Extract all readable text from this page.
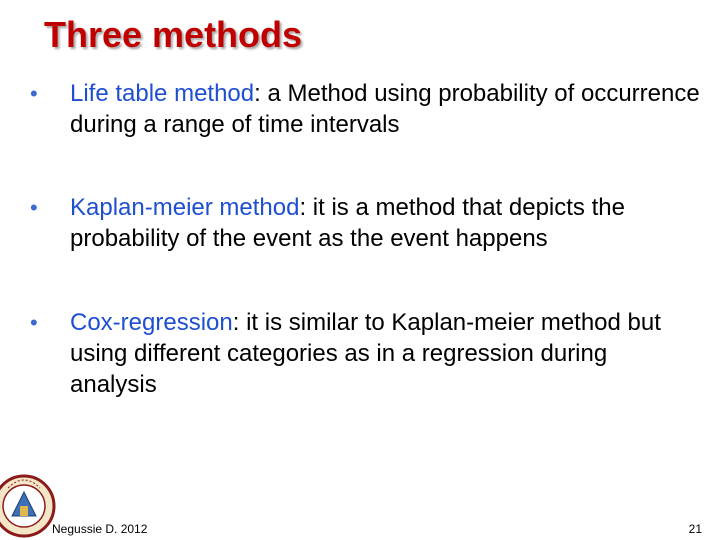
Three methods
• Life table method: a Method using probability of occurrence during a range of time intervals
• Kaplan-meier method: it is a method that depicts the probability of the event as the event happens
• Cox-regression: it is similar to Kaplan-meier method but using different categories as in a regression during analysis
Negussie D. 2012	21
